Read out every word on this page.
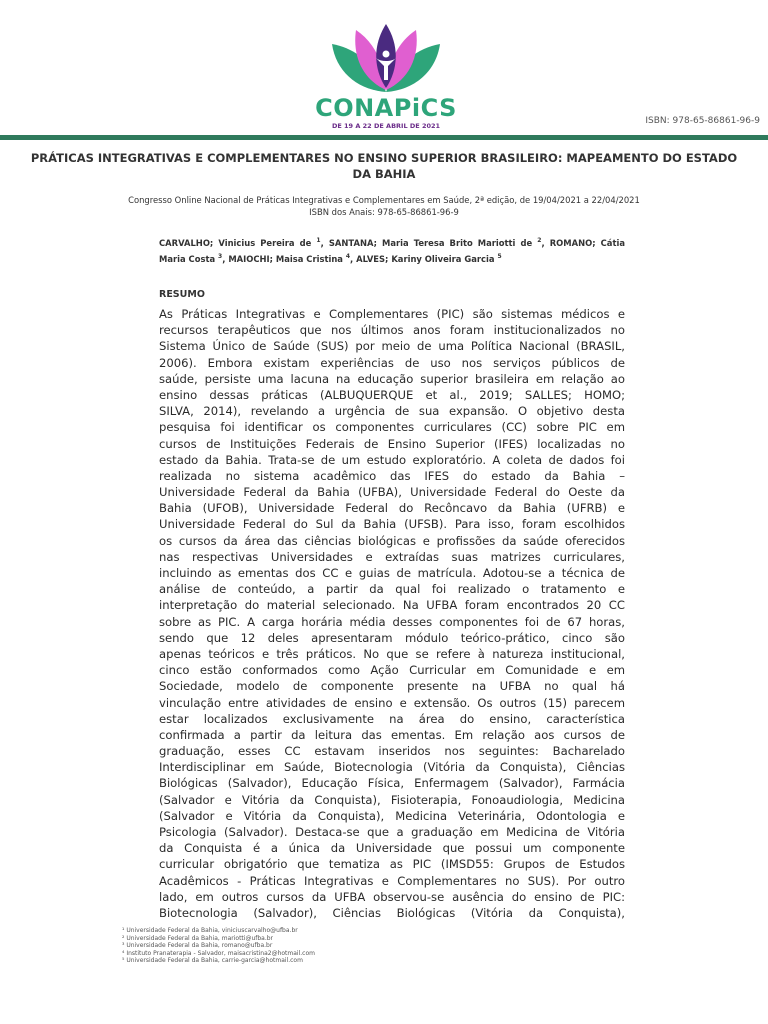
CONAPiCS
DE 19 A 22 DE ABRIL DE 2021	ISBN: 978-65-86861-96-9
PRÁTICAS INTEGRATIVAS E COMPLEMENTARES NO ENSINO SUPERIOR BRASILEIRO: MAPEAMENTO DO ESTADO
DA BAHIA
Congresso Online Nacional de Práticas Integrativas e Complementares em Saúde, 2ª edição, de 19/04/2021 a 22/04/2021
ISBN dos Anais: 978-65-86861-96-9
CARVALHO; Vinicius Pereira de $^1$, SANTANA; Maria Teresa Brito Mariotti de $^2$, ROMANO; Cátia Maria Costa $^3$, MAIOCHI; Maisa Cristina $^4$, ALVES; Kariny Oliveira Garcia $^5$
RESUMO
As Práticas Integrativas e Complementares (PIC) são sistemas médicos e
recursos terapêuticos que nos últimos anos foram institucionalizados no
Sistema Único de Saúde (SUS) por meio de uma Política Nacional (BRASIL,
2006). Embora existam experiências de uso nos serviços públicos de
saúde, persiste uma lacuna na educação superior brasileira em relação ao
ensino dessas práticas (ALBUQUERQUE et al., 2019; SALLES; HOMO;
SILVA, 2014), revelando a urgência de sua expansão. O objetivo desta
pesquisa foi identificar os componentes curriculares (CC) sobre PIC em
cursos de Instituições Federais de Ensino Superior (IFES) localizadas no
estado da Bahia. Trata-se de um estudo exploratório. A coleta de dados foi
realizada no sistema acadêmico das IFES do estado da Bahia –
Universidade Federal da Bahia (UFBA), Universidade Federal do Oeste da
Bahia (UFOB), Universidade Federal do Recôncavo da Bahia (UFRB) e
Universidade Federal do Sul da Bahia (UFSB). Para isso, foram escolhidos
os cursos da área das ciências biológicas e profissões da saúde oferecidos
nas respectivas Universidades e extraídas suas matrizes curriculares,
incluindo as ementas dos CC e guias de matrícula. Adotou-se a técnica de
análise de conteúdo, a partir da qual foi realizado o tratamento e
interpretação do material selecionado. Na UFBA foram encontrados 20 CC
sobre as PIC. A carga horária média desses componentes foi de 67 horas,
sendo que 12 deles apresentaram módulo teórico-prático, cinco são
apenas teóricos e três práticos. No que se refere à natureza institucional,
cinco estão conformados como Ação Curricular em Comunidade e em
Sociedade, modelo de componente presente na UFBA no qual há
vinculação entre atividades de ensino e extensão. Os outros (15) parecem
estar localizados exclusivamente na área do ensino, característica
confirmada a partir da leitura das ementas. Em relação aos cursos de
graduação, esses CC estavam inseridos nos seguintes: Bacharelado
Interdisciplinar em Saúde, Biotecnologia (Vitória da Conquista), Ciências
Biológicas (Salvador), Educação Física, Enfermagem (Salvador), Farmácia
(Salvador e Vitória da Conquista), Fisioterapia, Fonoaudiologia, Medicina
(Salvador e Vitória da Conquista), Medicina Veterinária, Odontologia e
Psicologia (Salvador). Destaca-se que a graduação em Medicina de Vitória
da Conquista é a única da Universidade que possui um componente
curricular obrigatório que tematiza as PIC (IMSD55: Grupos de Estudos
Acadêmicos - Práticas Integrativas e Complementares no SUS). Por outro
lado, em outros cursos da UFBA observou-se ausência do ensino de PIC:
Biotecnologia (Salvador), Ciências Biológicas (Vitória da Conquista),
¹ Universidade Federal da Bahia, viniciuscarvalho@ufba.br
² Universidade Federal da Bahia, mariotti@ufba.br
³ Universidade Federal da Bahia, romano@ufba.br
⁴ Instituto Pranaterapia - Salvador, maisacristina2@hotmail.com
⁵ Universidade Federal da Bahia, carrie-garcia@hotmail.com
